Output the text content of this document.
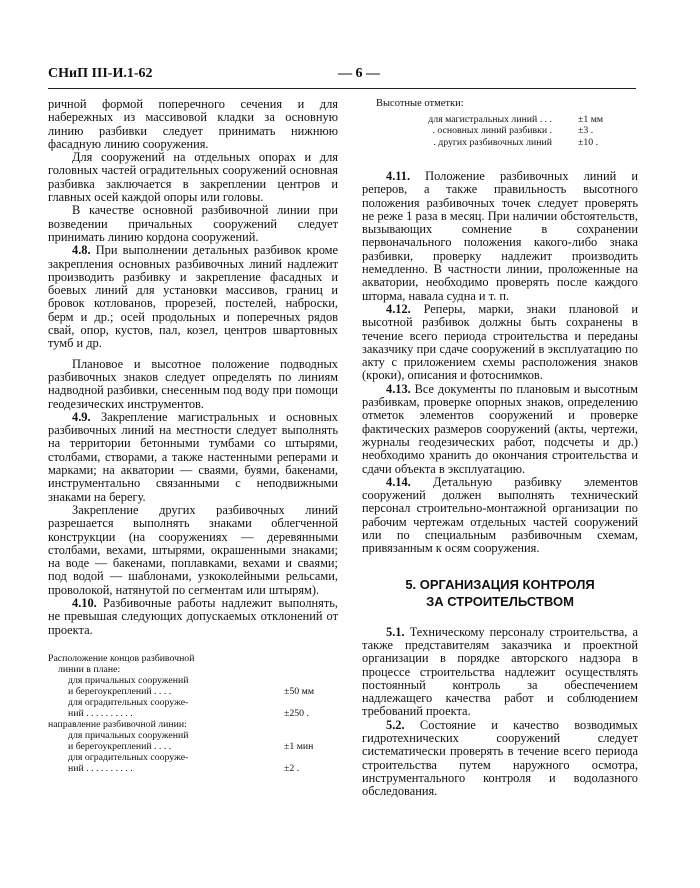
СНиП III-И.1-62	— 6 —

ричной формой поперечного сечения и для набережных из массивовой кладки за основную линию разбивки следует принимать нижнюю фасадную линию сооружения.

Для сооружений на отдельных опорах и для головных частей оградительных сооружений основная разбивка заключается в закреплении центров и главных осей каждой опоры или головы.

В качестве основной разбивочной линии при возведении причальных сооружений следует принимать линию кордона сооружений.

4.8. При выполнении детальных разбивок кроме закрепления основных разбивочных линий надлежит производить разбивку и закрепление фасадных и боевых линий для установки массивов, границ и бровок котлованов, прорезей, постелей, наброски, берм и др.; осей продольных и поперечных рядов свай, опор, кустов, пал, козел, центров швартовных тумб и др.

Плановое и высотное положение подводных разбивочных знаков следует определять по линиям надводной разбивки, снесенным под воду при помощи геодезических инструментов.

4.9. Закрепление магистральных и основных разбивочных линий на местности следует выполнять на территории бетонными тумбами со штырями, столбами, створами, а также настенными реперами и марками; на акватории — сваями, буями, бакенами, инструментально связанными с неподвижными знаками на берегу.

Закрепление других разбивочных линий разрешается выполнять знаками облегченной конструкции (на сооружениях — деревянными столбами, вехами, штырями, окрашенными знаками; на воде — бакенами, поплавками, вехами и сваями; под водой — шаблонами, узкоколейными рельсами, проволокой, натянутой по сегментам или штырям).

4.10. Разбивочные работы надлежит выполнять, не превышая следующих допускаемых отклонений от проекта.

Расположение концов разбивочной
линии в плане:
для причальных сооружений
и берегоукреплений . . . .	±50 мм
для оградительных сооруже-
ний . . . . . . . . . .	±250 .
направление разбивочной линии:
для причальных сооружений
и берегоукреплений . . . .	±1 мин
для оградительных сооруже-
ний . . . . . . . . . .	±2 .
Высотные отметки:
для магистральных линий . . .	±1 мм
. основных линий разбивки .	±3 .
. других разбивочных линий	±10 .

4.11. Положение разбивочных линий и реперов, а также правильность высотного положения разбивочных точек следует проверять не реже 1 раза в месяц. При наличии обстоятельств, вызывающих сомнение в сохранении первоначального положения какого-либо знака разбивки, проверку надлежит производить немедленно. В частности линии, проложенные на акватории, необходимо проверять после каждого шторма, навала судна и т. п.

4.12. Реперы, марки, знаки плановой и высотной разбивок должны быть сохранены в течение всего периода строительства и переданы заказчику при сдаче сооружений в эксплуатацию по акту с приложением схемы расположения знаков (кроки), описания и фотоснимков.

4.13. Все документы по плановым и высотным разбивкам, проверке опорных знаков, определению отметок элементов сооружений и проверке фактических размеров сооружений (акты, чертежи, журналы геодезических работ, подсчеты и др.) необходимо хранить до окончания строительства и сдачи объекта в эксплуатацию.

4.14. Детальную разбивку элементов сооружений должен выполнять технический персонал строительно-монтажной организации по рабочим чертежам отдельных частей сооружений или по специальным разбивочным схемам, привязанным к осям сооружения.

5. ОРГАНИЗАЦИЯ КОНТРОЛЯ
ЗА СТРОИТЕЛЬСТВОМ

5.1. Техническому персоналу строительства, а также представителям заказчика и проектной организации в порядке авторского надзора в процессе строительства надлежит осуществлять постоянный контроль за обеспечением надлежащего качества работ и соблюдением требований проекта.

5.2. Состояние и качество возводимых гидротехнических сооружений следует систематически проверять в течение всего периода строительства путем наружного осмотра, инструментального контроля и водолазного обследования.
